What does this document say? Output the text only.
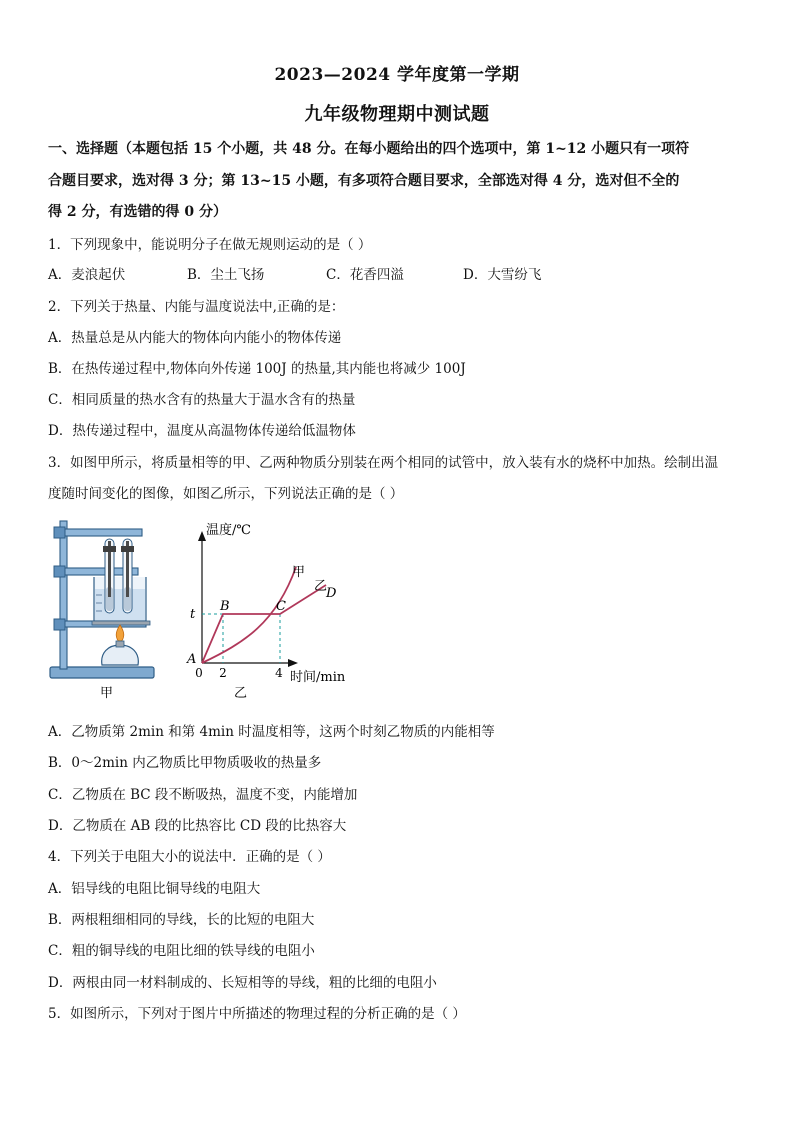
2023—2024 学年度第一学期
九年级物理期中测试题
一、选择题（本题包括 15 个小题，共 48 分。在每小题给出的四个选项中，第 1~12 小题只有一项符
合题目要求，选对得 3 分；第 13~15 小题，有多项符合题目要求，全部选对得 4 分，选对但不全的
得 2 分，有选错的得 0 分）
1．下列现象中，能说明分子在做无规则运动的是（ ）
A．麦浪起伏	B．尘土飞扬	C．花香四溢	D．大雪纷飞
2．下列关于热量、内能与温度说法中,正确的是：
A．热量总是从内能大的物体向内能小的物体传递
B．在热传递过程中,物体向外传递 100J 的热量,其内能也将减少 100J
C．相同质量的热水含有的热量大于温水含有的热量
D．热传递过程中，温度从高温物体传递给低温物体
3．如图甲所示，将质量相等的甲、乙两种物质分别装在两个相同的试管中，放入装有水的烧杯中加热。绘制出温
度随时间变化的图像，如图乙所示，下列说法正确的是（ ）
甲
温度/℃
时间/min
0 2	4
t
A
B	C
D
甲
乙
乙
A．乙物质第 2min 和第 4min 时温度相等，这两个时刻乙物质的内能相等
B．0～2min 内乙物质比甲物质吸收的热量多
C．乙物质在 BC 段不断吸热，温度不变，内能增加
D．乙物质在 AB 段的比热容比 CD 段的比热容大
4．下列关于电阻大小的说法中．正确的是（ ）
A．铝导线的电阻比铜导线的电阻大
B．两根粗细相同的导线，长的比短的电阻大
C．粗的铜导线的电阻比细的铁导线的电阻小
D．两根由同一材料制成的、长短相等的导线，粗的比细的电阻小
5．如图所示，下列对于图片中所描述的物理过程的分析正确的是（ ）
